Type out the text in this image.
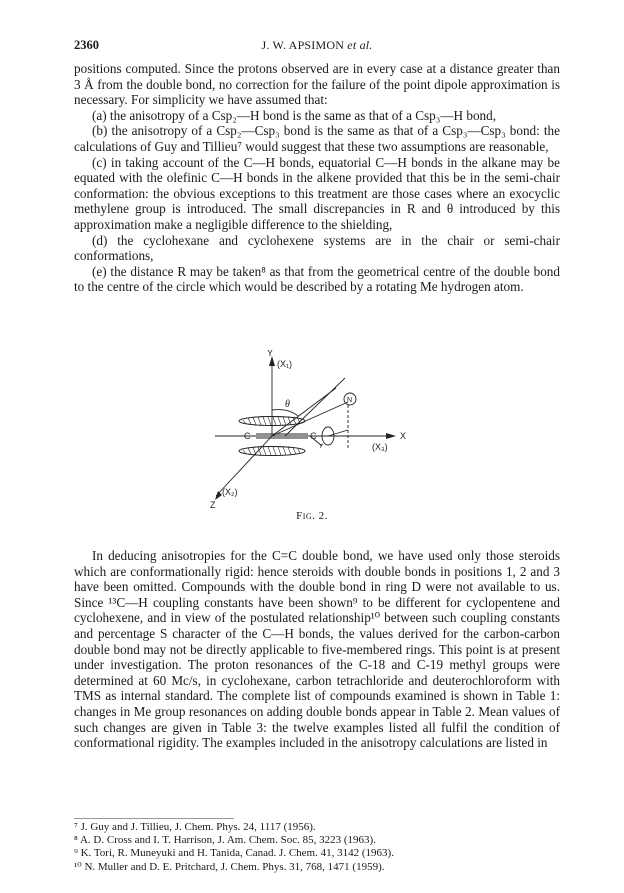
2360	J. W. APSIMON et al.

positions computed. Since the protons observed are in every case at a distance greater than 3 Å from the double bond, no correction for the failure of the point dipole approximation is necessary. For simplicity we have assumed that:

(a) the anisotropy of a Csp₂—H bond is the same as that of a Csp₃—H bond,

(b) the anisotropy of a Csp₂—Csp₃ bond is the same as that of a Csp₃—Csp₃ bond: the calculations of Guy and Tillieu⁷ would suggest that these two assumptions are reasonable,

(c) in taking account of the C—H bonds, equatorial C—H bonds in the alkane may be equated with the olefinic C—H bonds in the alkene provided that this be in the semi-chair conformation: the obvious exceptions to this treatment are those cases where an exocyclic methylene group is introduced. The small discrepancies in R and θ introduced by this approximation make a negligible difference to the shielding,

(d) the cyclohexane and cyclohexene systems are in the chair or semi-chair conformations,

(e) the distance R may be taken⁸ as that from the geometrical centre of the double bond to the centre of the circle which would be described by a rotating Me hydrogen atom.

Y
(X₁)
X
(X₃)
Z
(X₂)
C	C
N
θ
r
Fig. 2.

In deducing anisotropies for the C=C double bond, we have used only those steroids which are conformationally rigid: hence steroids with double bonds in positions 1, 2 and 3 have been omitted. Compounds with the double bond in ring D were not available to us. Since ¹³C—H coupling constants have been shown⁹ to be different for cyclopentene and cyclohexene, and in view of the postulated relationship¹⁰ between such coupling constants and percentage S character of the C—H bonds, the values derived for the carbon-carbon double bond may not be directly applicable to five-membered rings. This point is at present under investigation. The proton resonances of the C-18 and C-19 methyl groups were determined at 60 Mc/s, in cyclohexane, carbon tetrachloride and deuterochloroform with TMS as internal standard. The complete list of compounds examined is shown in Table 1: changes in Me group resonances on adding double bonds appear in Table 2. Mean values of such changes are given in Table 3: the twelve examples listed all fulfil the condition of conformational rigidity. The examples included in the anisotropy calculations are listed in

⁷ J. Guy and J. Tillieu, J. Chem. Phys. 24, 1117 (1956).
⁸ A. D. Cross and I. T. Harrison, J. Am. Chem. Soc. 85, 3223 (1963).
⁹ K. Tori, R. Muneyuki and H. Tanida, Canad. J. Chem. 41, 3142 (1963).
¹⁰ N. Muller and D. E. Pritchard, J. Chem. Phys. 31, 768, 1471 (1959).
